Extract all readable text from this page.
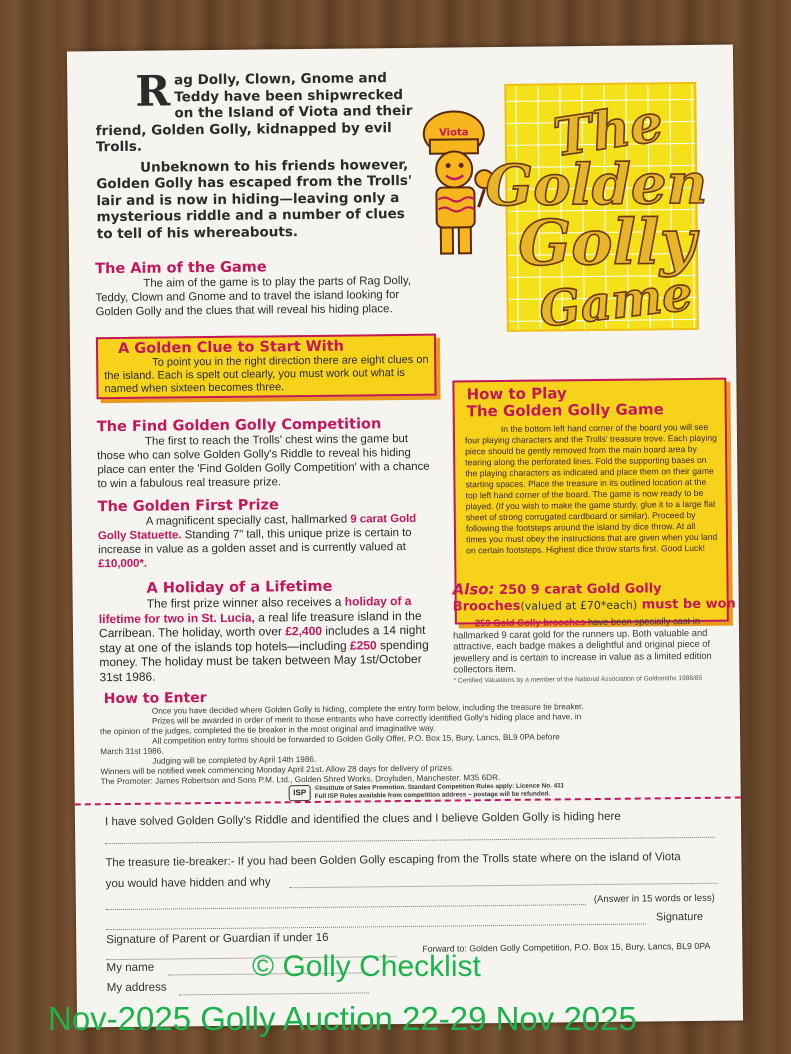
Rag Dolly, Clown, Gnome and Teddy have been shipwrecked on the Island of Viota and their friend, Golden Golly, kidnapped by evil Trolls.

Unbeknown to his friends however, Golden Golly has escaped from the Trolls' lair and is now in hiding—leaving only a mysterious riddle and a number of clues to tell of his whereabouts.

Viota The
Golden
Golly
Game
The Aim of the Game

The aim of the game is to play the parts of Rag Dolly, Teddy, Clown and Gnome and to travel the island looking for Golden Golly and the clues that will reveal his hiding place.

A Golden Clue to Start With

To point you in the right direction there are eight clues on the island. Each is spelt out clearly, you must work out what is named when sixteen becomes three.

The Find Golden Golly Competition

The first to reach the Trolls' chest wins the game but those who can solve Golden Golly's Riddle to reveal his hiding place can enter the 'Find Golden Golly Competition' with a chance to win a fabulous real treasure prize.

The Golden First Prize

A magnificent specially cast, hallmarked 9 carat Gold Golly Statuette. Standing 7" tall, this unique prize is certain to increase in value as a golden asset and is currently valued at £10,000*.

A Holiday of a Lifetime

The first prize winner also receives a holiday of a lifetime for two in St. Lucia, a real life treasure island in the Carribean. The holiday, worth over £2,400 includes a 14 night stay at one of the islands top hotels—including £250 spending money. The holiday must be taken between May 1st/October 31st 1986.

How to Play
The Golden Golly Game

In the bottom left hand corner of the board you will see four playing characters and the Trolls' treasure trove. Each playing piece should be gently removed from the main board area by tearing along the perforated lines. Fold the supporting bases on the playing characters as indicated and place them on their game starting spaces. Place the treasure in its outlined location at the top left hand corner of the board. The game is now ready to be played. (If you wish to make the game sturdy, glue it to a large flat sheet of strong corrugated cardboard or similar). Proceed by following the footsteps around the island by dice throw. At all times you must obey the instructions that are given when you land on certain footsteps. Highest dice throw starts first. Good Luck!

Also: 250 9 carat Gold Golly Brooches(valued at £70*each) must be won

250 Gold Golly brooches have been specially cast in hallmarked 9 carat gold for the runners up. Both valuable and attractive, each badge makes a delightful and original piece of jewellery and is certain to increase in value as a limited edition collectors item.

* Certified Valuations by a member of the National Association of Goldsmiths 1988/85

How to Enter

Once you have decided where Golden Golly is hiding, complete the entry form below, including the treasure tie breaker.

Prizes will be awarded in order of merit to those entrants who have correctly identified Golly's hiding place and have, in

the opinion of the judges, completed the tie breaker in the most original and imaginative way.

All competition entry forms should be forwarded to Golden Golly Offer, P.O. Box 15, Bury, Lancs, BL9 0PA before

March 31st 1986.

Judging will be completed by April 14th 1986.

Winners will be notified week commencing Monday April 21st. Allow 28 days for delivery of prizes.

The Promoter: James Robertson and Sons P.M. Ltd., Golden Shred Works, Droylsden, Manchester. M35 6DR.

ISP

©Institute of Sales Promotion. Standard Competition Rules apply: Licence No. 411

Full ISP Rules available from competition address – postage will be refunded.

I have solved Golden Golly's Riddle and identified the clues and I believe Golden Golly is hiding here

The treasure tie-breaker:- If you had been Golden Golly escaping from the Trolls state where on the island of Viota

you would have hidden and why

(Answer in 15 words or less)

Signature

Signature of Parent or Guardian if under 16

Forward to: Golden Golly Competition, P.O. Box 15, Bury, Lancs, BL9 0PA

My name

My address

© Golly Checklist
Nov-2025 Golly Auction 22-29 Nov 2025
